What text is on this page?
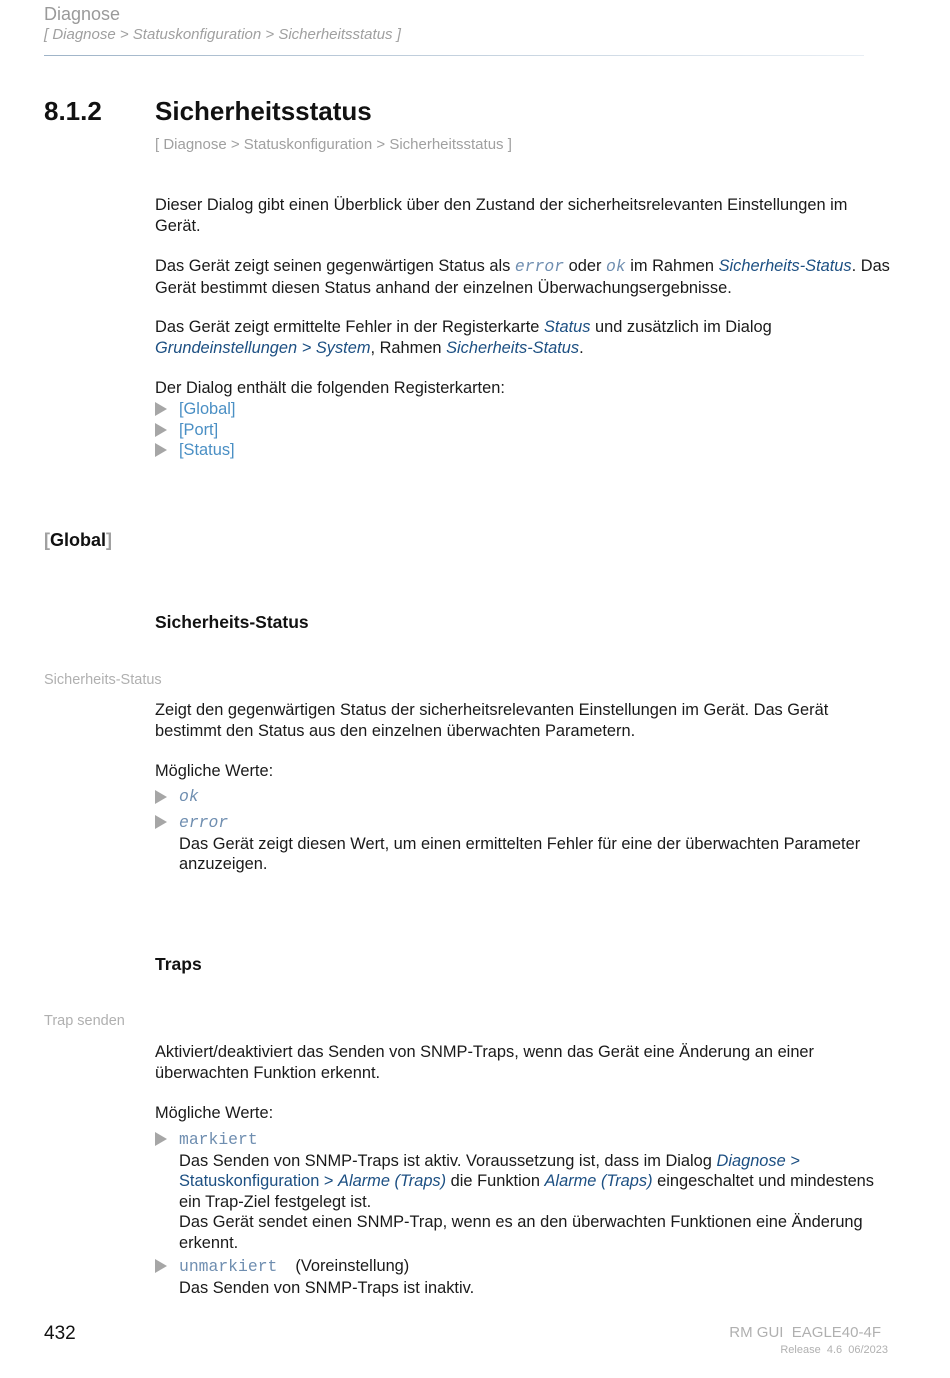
Diagnose
[ Diagnose > Statuskonfiguration > Sicherheitsstatus ]
8.1.2 Sicherheitsstatus
[ Diagnose > Statuskonfiguration > Sicherheitsstatus ]
Dieser Dialog gibt einen Überblick über den Zustand der sicherheitsrelevanten Einstellungen im Gerät.
Das Gerät zeigt seinen gegenwärtigen Status als error oder ok im Rahmen Sicherheits-Status. Das Gerät bestimmt diesen Status anhand der einzelnen Überwachungsergebnisse.
Das Gerät zeigt ermittelte Fehler in der Registerkarte Status und zusätzlich im Dialog
Grundeinstellungen > System, Rahmen Sicherheits-Status.
Der Dialog enthält die folgenden Registerkarten:
[Global]
[Port]
[Status]
[Global]
Sicherheits-Status
Sicherheits-Status
Zeigt den gegenwärtigen Status der sicherheitsrelevanten Einstellungen im Gerät. Das Gerät bestimmt den Status aus den einzelnen überwachten Parametern.
Mögliche Werte:
ok
error
Das Gerät zeigt diesen Wert, um einen ermittelten Fehler für eine der überwachten Parameter anzuzeigen.
Traps
Trap senden
Aktiviert/deaktiviert das Senden von SNMP-Traps, wenn das Gerät eine Änderung an einer überwachten Funktion erkennt.
Mögliche Werte:
markiert
Das Senden von SNMP-Traps ist aktiv. Voraussetzung ist, dass im Dialog Diagnose >
Statuskonfiguration > Alarme (Traps) die Funktion Alarme (Traps) eingeschaltet und mindestens ein Trap-Ziel festgelegt ist.
Das Gerät sendet einen SNMP-Trap, wenn es an den überwachten Funktionen eine Änderung erkennt.
unmarkiert (Voreinstellung)
Das Senden von SNMP-Traps ist inaktiv.
432	RM GUI  EAGLE40-4F
Release  4.6  06/2023
